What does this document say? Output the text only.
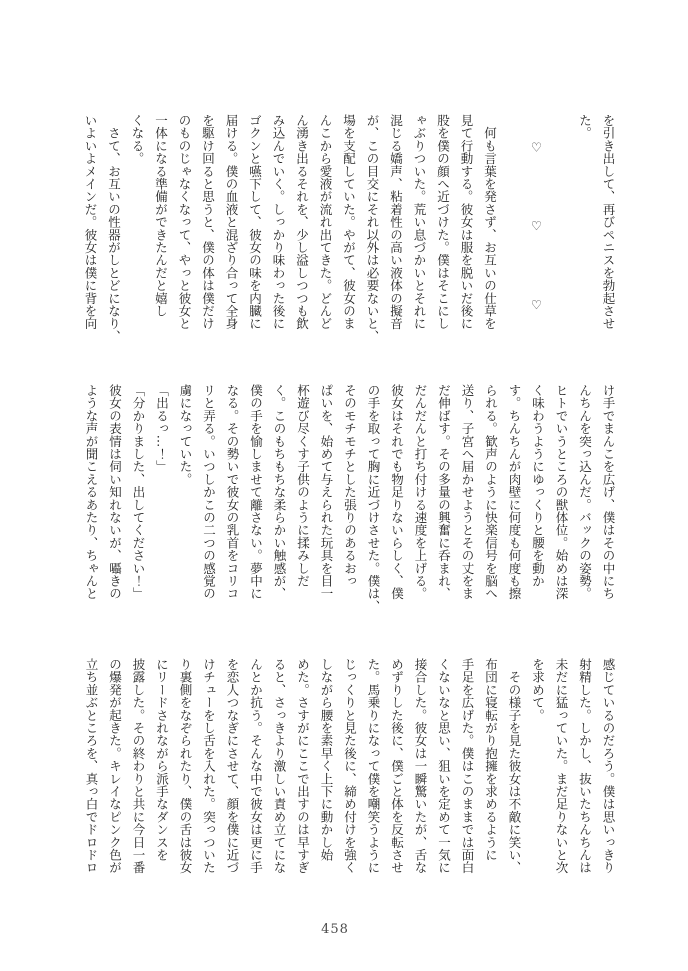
を引き出して、再びペニスを勃起させ
た。
　　♡　　　　　♡　　　　　♡
　何も言葉を発さず、お互いの仕草を
見て行動する。彼女は服を脱いだ後に
股を僕の顔へ近づけた。僕はそこにし
ゃぶりついた。荒い息づかいとそれに
混じる嬌声、粘着性の高い液体の擬音
が、この目交にそれ以外は必要ないと、
場を支配していた。やがて、彼女のま
んこから愛液が流れ出てきた。どんど
ん湧き出るそれを、少し溢しつつも飲
み込んでいく。しっかり味わった後に
ゴクンと嚥下して、彼女の味を内臓に
届ける。僕の血液と混ざり合って全身
を駆け回ると思うと、僕の体は僕だけ
のものじゃなくなって、やっと彼女と
一体になる準備ができたんだと嬉し
くなる。
　さて、お互いの性器がしとどになり、
いよいよメインだ。彼女は僕に背を向
け手でまんこを広げ、僕はその中にち
んちんを突っ込んだ。バックの姿勢。
ヒトでいうところの獣体位。始めは深
く味わうようにゆっくりと腰を動か
す。ちんちんが肉壁に何度も何度も擦
られる。歓声のように快楽信号を脳へ
送り、子宮へ届かせようとその丈をま
だ伸ばす。その多量の興奮に呑まれ、
だんだんと打ち付ける速度を上げる。
彼女はそれでも物足りないらしく、僕
の手を取って胸に近づけさせた。僕は、
そのモチモチとした張りのあるおっ
ぱいを、始めて与えられた玩具を目一
杯遊び尽くす子供のように揉みしだ
く。このもちもちな柔らかい触感が、
僕の手を愉しませて離さない。夢中に
なる。その勢いで彼女の乳首をコリコ
リと弄る。いつしかこの二つの感覚の
虜になっていた。
「出るっ…！」
「分かりました、出してください！」
彼女の表情は伺い知れないが、囁きの
ような声が聞こえるあたり、ちゃんと
感じているのだろう。僕は思いっきり
射精した。しかし、抜いたちんちんは
未だに猛っていた。まだ足りないと次
を求めて。
　その様子を見た彼女は不敵に笑い、
布団に寝転がり抱擁を求めるように
手足を広げた。僕はこのままでは面白
くないなと思い、狙いを定めて一気に
接合した。彼女は一瞬驚いたが、舌な
めずりした後に、僕ごと体を反転させ
た。馬乗りになって僕を嘲笑うように
じっくりと見た後に、締め付けを強く
しながら腰を素早く上下に動かし始
めた。さすがにここで出すのは早すぎ
ると、さっきより激しい責め立てにな
んとか抗う。そんな中で彼女は更に手
を恋人つなぎにさせて、顔を僕に近づ
けチューをし舌を入れた。突っついた
り裏側をなぞられたり、僕の舌は彼女
にリードされながら派手なダンスを
披露した。その終わりと共に今日一番
の爆発が起きた。キレイなピンク色が
立ち並ぶところを、真っ白でドロドロ
458
